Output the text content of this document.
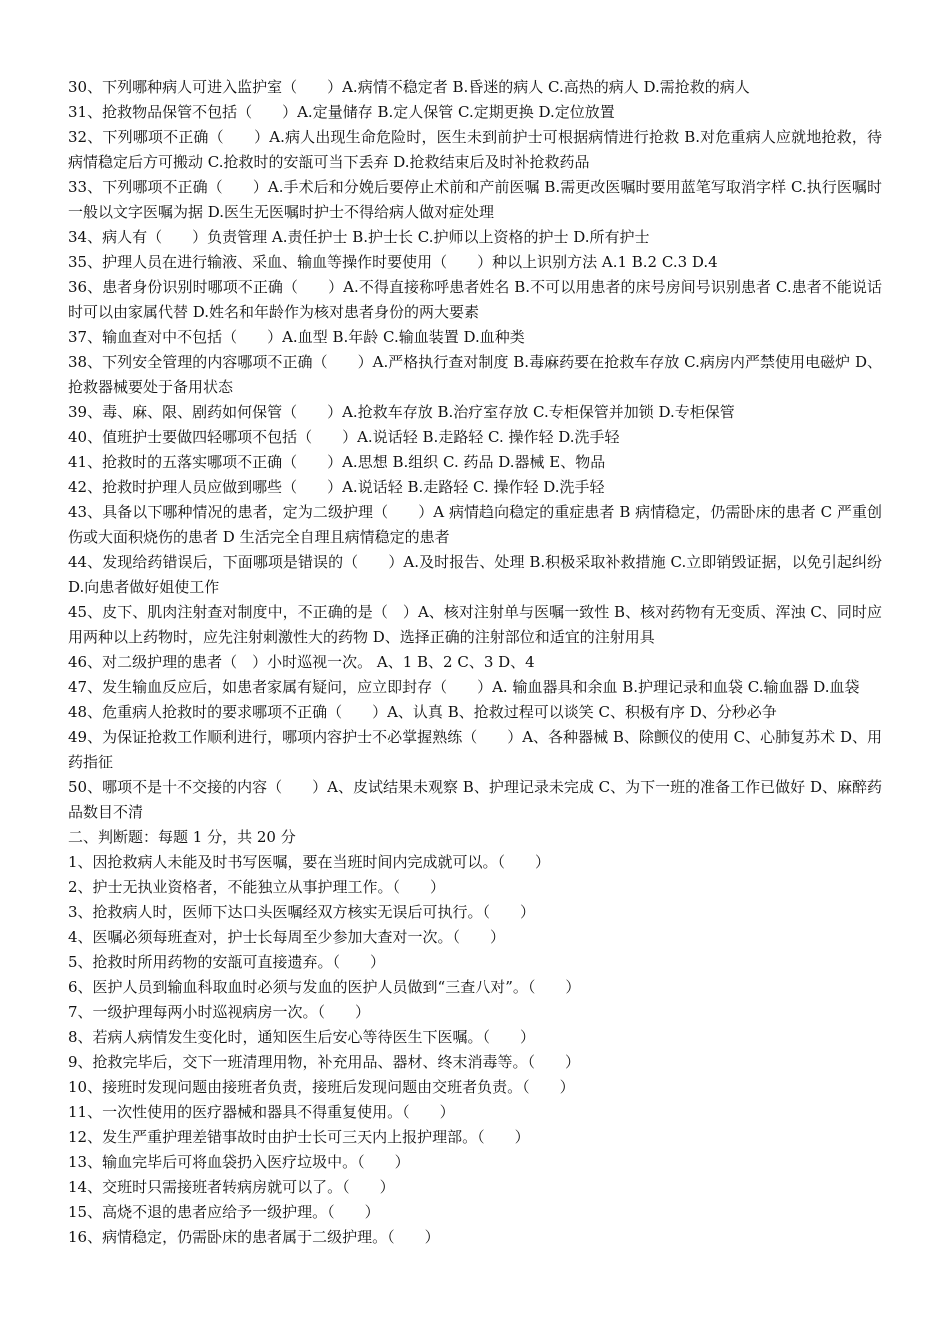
30、下列哪种病人可进入监护室（　　）A.病情不稳定者 B.昏迷的病人 C.高热的病人 D.需抢救的病人
31、抢救物品保管不包括（　　）A.定量储存 B.定人保管 C.定期更换 D.定位放置
32、下列哪项不正确（　　）A.病人出现生命危险时，医生未到前护士可根据病情进行抢救 B.对危重病人应就地抢救，待病情稳定后方可搬动 C.抢救时的安瓿可当下丢弃 D.抢救结束后及时补抢救药品
33、下列哪项不正确（　　）A.手术后和分娩后要停止术前和产前医嘱 B.需更改医嘱时要用蓝笔写取消字样 C.执行医嘱时一般以文字医嘱为据 D.医生无医嘱时护士不得给病人做对症处理
34、病人有（　　）负责管理 A.责任护士 B.护士长 C.护师以上资格的护士 D.所有护士
35、护理人员在进行输液、采血、输血等操作时要使用（　　）种以上识别方法 A.1 B.2 C.3 D.4
36、患者身份识别时哪项不正确（　　）A.不得直接称呼患者姓名 B.不可以用患者的床号房间号识别患者 C.患者不能说话时可以由家属代替 D.姓名和年龄作为核对患者身份的两大要素
37、输血查对中不包括（　　）A.血型 B.年龄 C.输血装置 D.血种类
38、下列安全管理的内容哪项不正确（　　）A.严格执行查对制度 B.毒麻药要在抢救车存放 C.病房内严禁使用电磁炉 D、抢救器械要处于备用状态
39、毒、麻、限、剧药如何保管（　　）A.抢救车存放 B.治疗室存放 C.专柜保管并加锁 D.专柜保管
40、值班护士要做四轻哪项不包括（　　）A.说话轻 B.走路轻 C. 操作轻 D.洗手轻
41、抢救时的五落实哪项不正确（　　）A.思想 B.组织 C. 药品 D.器械 E、物品
42、抢救时护理人员应做到哪些（　　）A.说话轻 B.走路轻 C. 操作轻 D.洗手轻
43、具备以下哪种情况的患者，定为二级护理（　　）A 病情趋向稳定的重症患者 B 病情稳定，仍需卧床的患者 C 严重创伤或大面积烧伤的患者 D 生活完全自理且病情稳定的患者
44、发现给药错误后，下面哪项是错误的（　　）A.及时报告、处理 B.积极采取补救措施 C.立即销毁证据，以免引起纠纷 D.向患者做好姐使工作
45、皮下、肌肉注射查对制度中，不正确的是（　）A、核对注射单与医嘱一致性 B、核对药物有无变质、浑浊 C、同时应用两种以上药物时，应先注射刺激性大的药物 D、选择正确的注射部位和适宜的注射用具
46、对二级护理的患者（　）小时巡视一次。 A、1 B、2 C、3 D、4
47、发生输血反应后，如患者家属有疑问，应立即封存（　　）A. 输血器具和余血 B.护理记录和血袋 C.输血器 D.血袋
48、危重病人抢救时的要求哪项不正确（　　）A、认真 B、抢救过程可以谈笑 C、积极有序 D、分秒必争
49、为保证抢救工作顺利进行，哪项内容护士不必掌握熟练（　　）A、各种器械 B、除颤仪的使用 C、心肺复苏术 D、用药指征
50、哪项不是十不交接的内容（　　）A、皮试结果未观察 B、护理记录未完成 C、为下一班的准备工作已做好 D、麻醉药品数目不清
二、判断题：每题 1 分，共 20 分
1、因抢救病人未能及时书写医嘱，要在当班时间内完成就可以。（　　）
2、护士无执业资格者，不能独立从事护理工作。（　　）
3、抢救病人时，医师下达口头医嘱经双方核实无误后可执行。（　　）
4、医嘱必须每班查对，护士长每周至少参加大查对一次。（　　）
5、抢救时所用药物的安瓿可直接遗弃。（　　）
6、医护人员到输血科取血时必须与发血的医护人员做到“三查八对”。（　　）
7、一级护理每两小时巡视病房一次。（　　）
8、若病人病情发生变化时，通知医生后安心等待医生下医嘱。（　　）
9、抢救完毕后，交下一班清理用物，补充用品、器材、终末消毒等。（　　）
10、接班时发现问题由接班者负责，接班后发现问题由交班者负责。（　　）
11、一次性使用的医疗器械和器具不得重复使用。（　　）
12、发生严重护理差错事故时由护士长可三天内上报护理部。（　　）
13、输血完毕后可将血袋扔入医疗垃圾中。（　　）
14、交班时只需接班者转病房就可以了。（　　）
15、高烧不退的患者应给予一级护理。（　　）
16、病情稳定，仍需卧床的患者属于二级护理。（　　）
